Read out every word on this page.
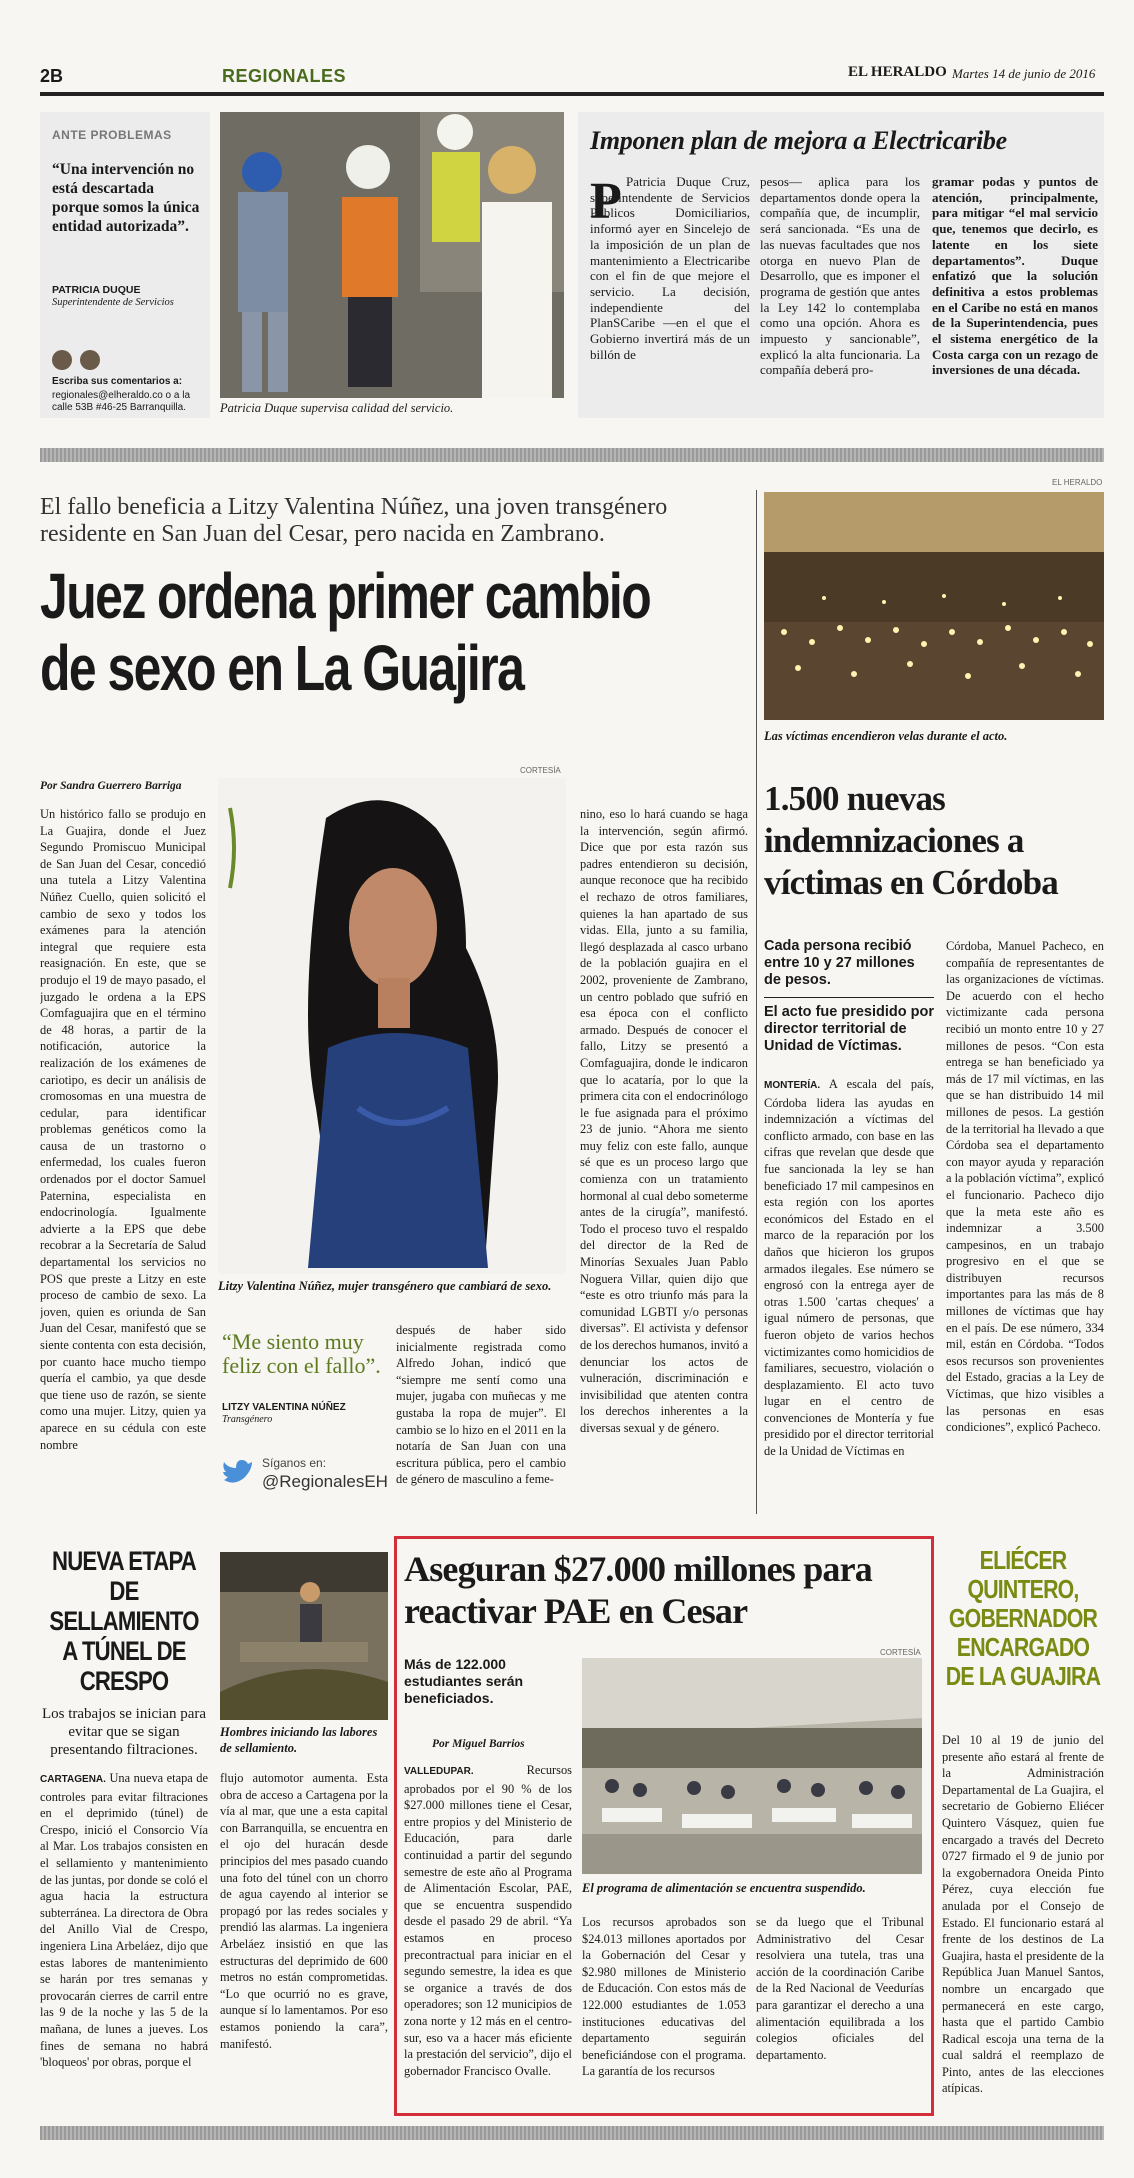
2B	REGIONALES	EL HERALDO Martes 14 de junio de 2016
ANTE PROBLEMAS
“Una intervención no está descartada porque somos la única entidad autorizada”.
PATRICIA DUQUE
Superintendente de Servicios
Escriba sus comentarios a:
regionales@elheraldo.co o a la calle 53B #46-25 Barranquilla.	Patricia Duque supervisa calidad del servicio.
Imponen plan de mejora a Electricaribe
P Patricia Duque Cruz, superintendente de Servicios Públicos Domiciliarios, informó ayer en Sincelejo de la imposición de un plan de mantenimiento a Electricaribe con el fin de que mejore el servicio. La decisión, independiente del PlanSCaribe —en el que el Gobierno invertirá más de un billón de

pesos— aplica para los departamentos donde opera la compañía que, de incumplir, será sancionada. “Es una de las nuevas facultades que nos otorga en nuevo Plan de Desarrollo, que es imponer el programa de gestión que antes la Ley 142 lo contemplaba como una opción. Ahora es impuesto y sancionable”, explicó la alta funcionaria. La compañía deberá pro-

gramar podas y puntos de atención, principalmente, para mitigar “el mal servicio que, tenemos que decirlo, es latente en los siete departamentos”. Duque enfatizó que la solución definitiva a estos problemas en el Caribe no está en manos de la Superintendencia, pues el sistema energético de la Costa carga con un rezago de inversiones de una década.

El fallo beneficia a Litzy Valentina Núñez, una joven transgénero residente en San Juan del Cesar, pero nacida en Zambrano.
Juez ordena primer cambio
de sexo en La Guajira
Por Sandra Guerrero Barriga

Un histórico fallo se produjo en La Guajira, donde el Juez Segundo Promiscuo Municipal de San Juan del Cesar, concedió una tutela a Litzy Valentina Núñez Cuello, quien solicitó el cambio de sexo y todos los exámenes para la atención integral que requiere esta reasignación. En este, que se produjo el 19 de mayo pasado, el juzgado le ordena a la EPS Comfaguajira que en el término de 48 horas, a partir de la notificación, autorice la realización de los exámenes de cariotipo, es decir un análisis de cromosomas en una muestra de cedular, para identificar problemas genéticos como la causa de un trastorno o enfermedad, los cuales fueron ordenados por el doctor Samuel Paternina, especialista en endocrinología. Igualmente advierte a la EPS que debe recobrar a la Secretaría de Salud departamental los servicios no POS que preste a Litzy en este proceso de cambio de sexo. La joven, quien es oriunda de San Juan del Cesar, manifestó que se siente contenta con esta decisión, por cuanto hace mucho tiempo quería el cambio, ya que desde que tiene uso de razón, se siente como una mujer. Litzy, quien ya aparece en su cédula con este nombre

CORTESÍA
Litzy Valentina Núñez, mujer transgénero que cambiará de sexo.
“Me siento muy feliz con el fallo”.
LITZY VALENTINA NÚÑEZ
Transgénero
Síganos en:
@RegionalesEH

después de haber sido inicialmente registrada como Alfredo Johan, indicó que “siempre me sentí como una mujer, jugaba con muñecas y me gustaba la ropa de mujer”. El cambio se lo hizo en el 2011 en la notaría de San Juan con una escritura pública, pero el cambio de género de masculino a feme-

nino, eso lo hará cuando se haga la intervención, según afirmó. Dice que por esta razón sus padres entendieron su decisión, aunque reconoce que ha recibido el rechazo de otros familiares, quienes la han apartado de sus vidas. Ella, junto a su familia, llegó desplazada al casco urbano de la población guajira en el 2002, proveniente de Zambrano, un centro poblado que sufrió en esa época con el conflicto armado. Después de conocer el fallo, Litzy se presentó a Comfaguajira, donde le indicaron que lo acataría, por lo que la primera cita con el endocrinólogo le fue asignada para el próximo 23 de junio. “Ahora me siento muy feliz con este fallo, aunque sé que es un proceso largo que comienza con un tratamiento hormonal al cual debo someterme antes de la cirugía”, manifestó. Todo el proceso tuvo el respaldo del director de la Red de Minorías Sexuales Juan Pablo Noguera Villar, quien dijo que “este es otro triunfo más para la comunidad LGBTI y/o personas diversas”. El activista y defensor de los derechos humanos, invitó a denunciar los actos de vulneración, discriminación e invisibilidad que atenten contra los derechos inherentes a la diversas sexual y de género.

EL HERALDO
Las víctimas encendieron velas durante el acto.
1.500 nuevas indemnizaciones a víctimas en Córdoba
Cada persona recibió entre 10 y 27 millones de pesos.
El acto fue presidido por director territorial de Unidad de Víctimas.

MONTERÍA. A escala del país, Córdoba lidera las ayudas en indemnización a víctimas del conflicto armado, con base en las cifras que revelan que desde que fue sancionada la ley se han beneficiado 17 mil campesinos en esta región con los aportes económicos del Estado en el marco de la reparación por los daños que hicieron los grupos armados ilegales. Ese número se engrosó con la entrega ayer de otras 1.500 'cartas cheques' a igual número de personas, que fueron objeto de varios hechos victimizantes como homicidios de familiares, secuestro, violación o desplazamiento. El acto tuvo lugar en el centro de convenciones de Montería y fue presidido por el director territorial de la Unidad de Víctimas en

Córdoba, Manuel Pacheco, en compañía de representantes de las organizaciones de víctimas. De acuerdo con el hecho victimizante cada persona recibió un monto entre 10 y 27 millones de pesos. “Con esta entrega se han beneficiado ya más de 17 mil víctimas, en las que se han distribuido 14 mil millones de pesos. La gestión de la territorial ha llevado a que Córdoba sea el departamento con mayor ayuda y reparación a la población víctima”, explicó el funcionario. Pacheco dijo que la meta este año es indemnizar a 3.500 campesinos, en un trabajo progresivo en el que se distribuyen recursos importantes para las más de 8 millones de víctimas que hay en el país. De ese número, 334 mil, están en Córdoba. “Todos esos recursos son provenientes del Estado, gracias a la Ley de Víctimas, que hizo visibles a las personas en esas condiciones”, explicó Pacheco.

NUEVA ETAPA DE SELLAMIENTO A TÚNEL DE CRESPO
Los trabajos se inician para evitar que se sigan presentando filtraciones.

CARTAGENA. Una nueva etapa de controles para evitar filtraciones en el deprimido (túnel) de Crespo, inició el Consorcio Vía al Mar. Los trabajos consisten en el sellamiento y mantenimiento de las juntas, por donde se coló el agua hacia la estructura subterránea. La directora de Obra del Anillo Vial de Crespo, ingeniera Lina Arbeláez, dijo que estas labores de mantenimiento se harán por tres semanas y provocarán cierres de carril entre las 9 de la noche y las 5 de la mañana, de lunes a jueves. Los fines de semana no habrá 'bloqueos' por obras, porque el

Hombres iniciando las labores de sellamiento.

flujo automotor aumenta. Esta obra de acceso a Cartagena por la vía al mar, que une a esta capital con Barranquilla, se encuentra en el ojo del huracán desde principios del mes pasado cuando una foto del túnel con un chorro de agua cayendo al interior se propagó por las redes sociales y prendió las alarmas. La ingeniera Arbeláez insistió en que las estructuras del deprimido de 600 metros no están comprometidas. “Lo que ocurrió no es grave, aunque sí lo lamentamos. Por eso estamos poniendo la cara”, manifestó.

Aseguran $27.000 millones para reactivar PAE en Cesar
Más de 122.000 estudiantes serán beneficiados.
Por Miguel Barrios
CORTESÍA
El programa de alimentación se encuentra suspendido.

VALLEDUPAR.	Recursos aprobados por el 90 % de los $27.000 millones tiene el Cesar, entre propios y del Ministerio de Educación, para darle continuidad a partir del segundo semestre de este año al Programa de Alimentación Escolar, PAE, que se encuentra suspendido desde el pasado 29 de abril. “Ya estamos en proceso precontractual para iniciar en el segundo semestre, la idea es que se organice a través de dos operadores; son 12 municipios de zona norte y 12 más en el centro-sur, eso va a hacer más eficiente la prestación del servicio”, dijo el gobernador Francisco Ovalle.

Los recursos aprobados son $24.013 millones aportados por la Gobernación del Cesar y $2.980 millones de Ministerio de Educación. Con estos más de 122.000 estudiantes de 1.053 instituciones educativas del departamento seguirán beneficiándose con el programa. La garantía de los recursos

se da luego que el Tribunal Administrativo del Cesar resolviera una tutela, tras una acción de la coordinación Caribe de la Red Nacional de Veedurías para garantizar el derecho a una alimentación equilibrada a los colegios oficiales del departamento.

ELIÉCER QUINTERO, GOBERNADOR ENCARGADO DE LA GUAJIRA

Del 10 al 19 de junio del presente año estará al frente de la Administración Departamental de La Guajira, el secretario de Gobierno Eliécer Quintero Vásquez, quien fue encargado a través del Decreto 0727 firmado el 9 de junio por la exgobernadora Oneida Pinto Pérez, cuya elección fue anulada por el Consejo de Estado. El funcionario estará al frente de los destinos de La Guajira, hasta el presidente de la República Juan Manuel Santos, nombre un encargado que permanecerá en este cargo, hasta que el partido Cambio Radical escoja una terna de la cual saldrá el reemplazo de Pinto, antes de las elecciones atípicas.
